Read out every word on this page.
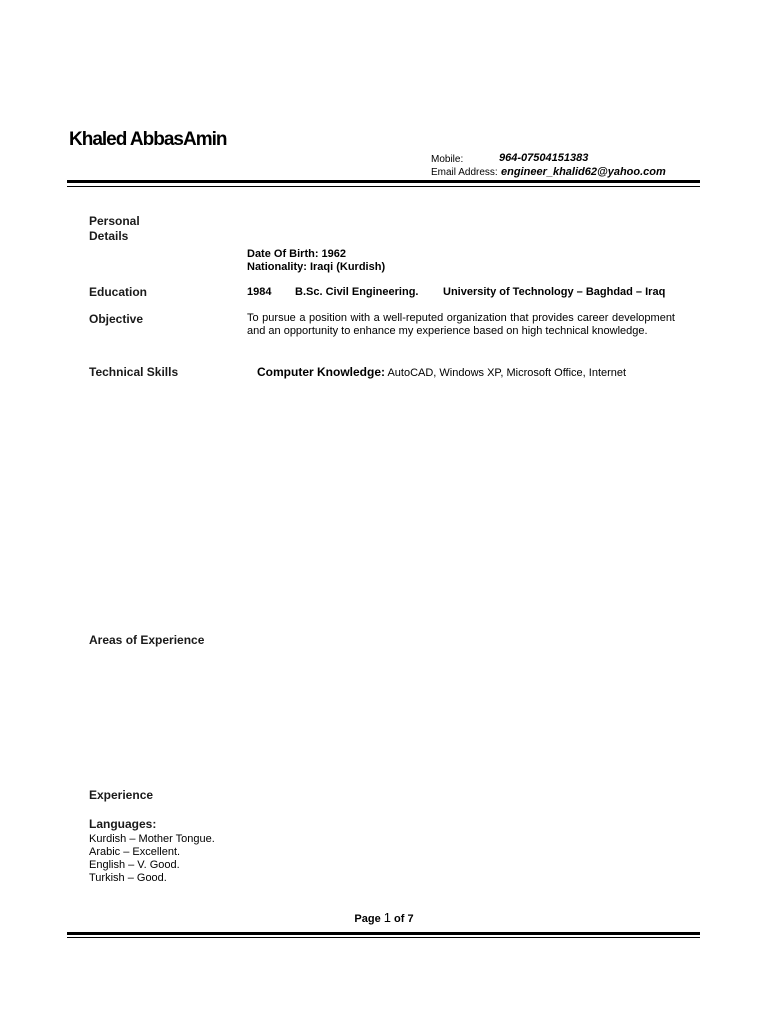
Khaled AbbasAmin
Mobile:	964-07504151383
Email Address: engineer_khalid62@yahoo.com
Personal
Details
Date Of Birth: 1962
Nationality: Iraqi (Kurdish)
Education	1984 B.Sc. Civil Engineering. University of Technology – Baghdad – Iraq
Objective	To pursue a position with a well-reputed organization that provides career development and an opportunity to enhance my experience based on high technical knowledge.
Technical Skills	Computer Knowledge: AutoCAD, Windows XP, Microsoft Office, Internet
Areas of Experience
Experience
Languages:
Kurdish – Mother Tongue.
Arabic – Excellent.
English – V. Good.
Turkish – Good.
Page 1 of 7
